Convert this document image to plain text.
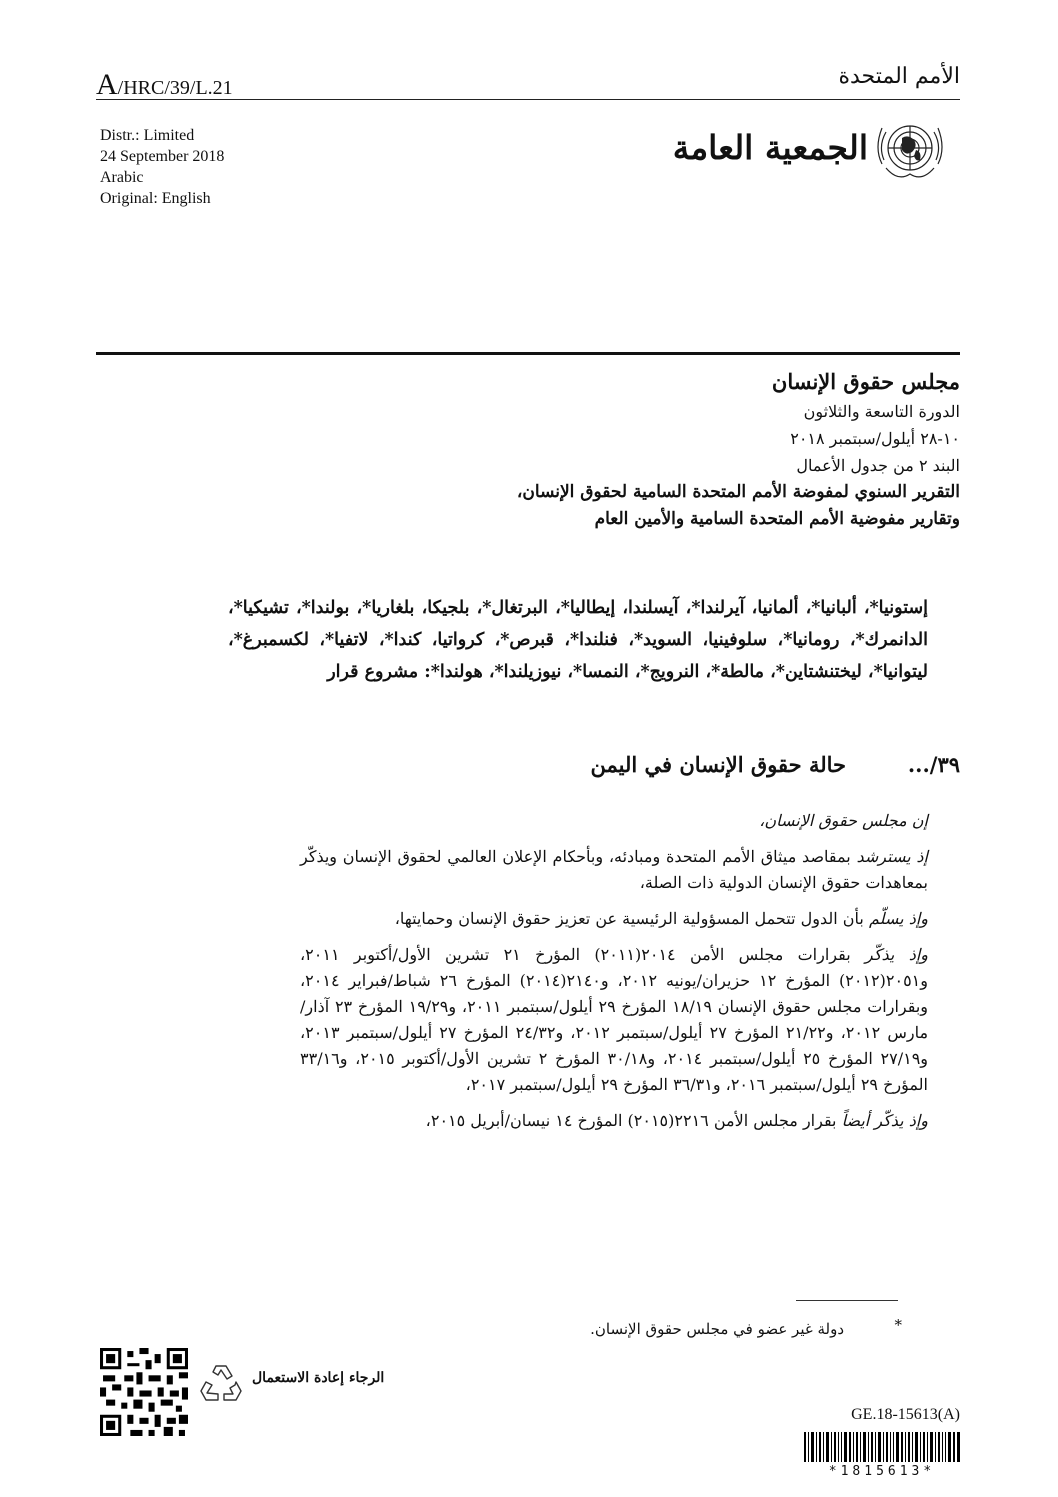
A/HRC/39/L.21	الأمم المتحدة
Distr.: Limited
24 September 2018
Arabic
Original: English
الجمعية العامة
مجلس حقوق الإنسان
الدورة التاسعة والثلاثون
١٠-٢٨ أيلول/سبتمبر ٢٠١٨
البند ٢ من جدول الأعمال
التقرير السنوي لمفوضة الأمم المتحدة السامية لحقوق الإنسان،
وتقارير مفوضية الأمم المتحدة السامية والأمين العام
إستونيا*، ألبانيا*، ألمانيا، آيرلندا*، آيسلندا، إيطاليا*، البرتغال*، بلجيكا، بلغاريا*، بولندا*، تشيكيا*، الدانمرك*، رومانيا*، سلوفينيا، السويد*، فنلندا*، قبرص*، كرواتيا، كندا*، لاتفيا*، لكسمبرغ*، ليتوانيا*، ليختنشتاين*، مالطة*، النرويج*، النمسا*، نيوزيلندا*، هولندا*: مشروع قرار
٣٩/...
حالة حقوق الإنسان في اليمن

إن مجلس حقوق الإنسان،

إذ يسترشد بمقاصد ميثاق الأمم المتحدة ومبادئه، وبأحكام الإعلان العالمي لحقوق الإنسان ويذكّر بمعاهدات حقوق الإنسان الدولية ذات الصلة،

وإذ يسلّم بأن الدول تتحمل المسؤولية الرئيسية عن تعزيز حقوق الإنسان وحمايتها،

وإذ يذكّر بقرارات مجلس الأمن ٢٠١٤(٢٠١١) المؤرخ ٢١ تشرين الأول/أكتوبر ٢٠١١، و٢٠٥١(٢٠١٢) المؤرخ ١٢ حزيران/يونيه ٢٠١٢، و٢١٤٠(٢٠١٤) المؤرخ ٢٦ شباط/فبراير ٢٠١٤، وبقرارات مجلس حقوق الإنسان ١٨/١٩ المؤرخ ٢٩ أيلول/سبتمبر ٢٠١١، و١٩/٢٩ المؤرخ ٢٣ آذار/مارس ٢٠١٢، و٢١/٢٢ المؤرخ ٢٧ أيلول/سبتمبر ٢٠١٢، و٢٤/٣٢ المؤرخ ٢٧ أيلول/سبتمبر ٢٠١٣، و٢٧/١٩ المؤرخ ٢٥ أيلول/سبتمبر ٢٠١٤، و٣٠/١٨ المؤرخ ٢ تشرين الأول/أكتوبر ٢٠١٥، و٣٣/١٦ المؤرخ ٢٩ أيلول/سبتمبر ٢٠١٦، و٣٦/٣١ المؤرخ ٢٩ أيلول/سبتمبر ٢٠١٧،

وإذ يذكّر أيضاً بقرار مجلس الأمن ٢٢١٦(٢٠١٥) المؤرخ ١٤ نيسان/أبريل ٢٠١٥،

*
دولة غير عضو في مجلس حقوق الإنسان.
الرجاء إعادة الاستعمال
GE.18-15613(A)
*1815613*
